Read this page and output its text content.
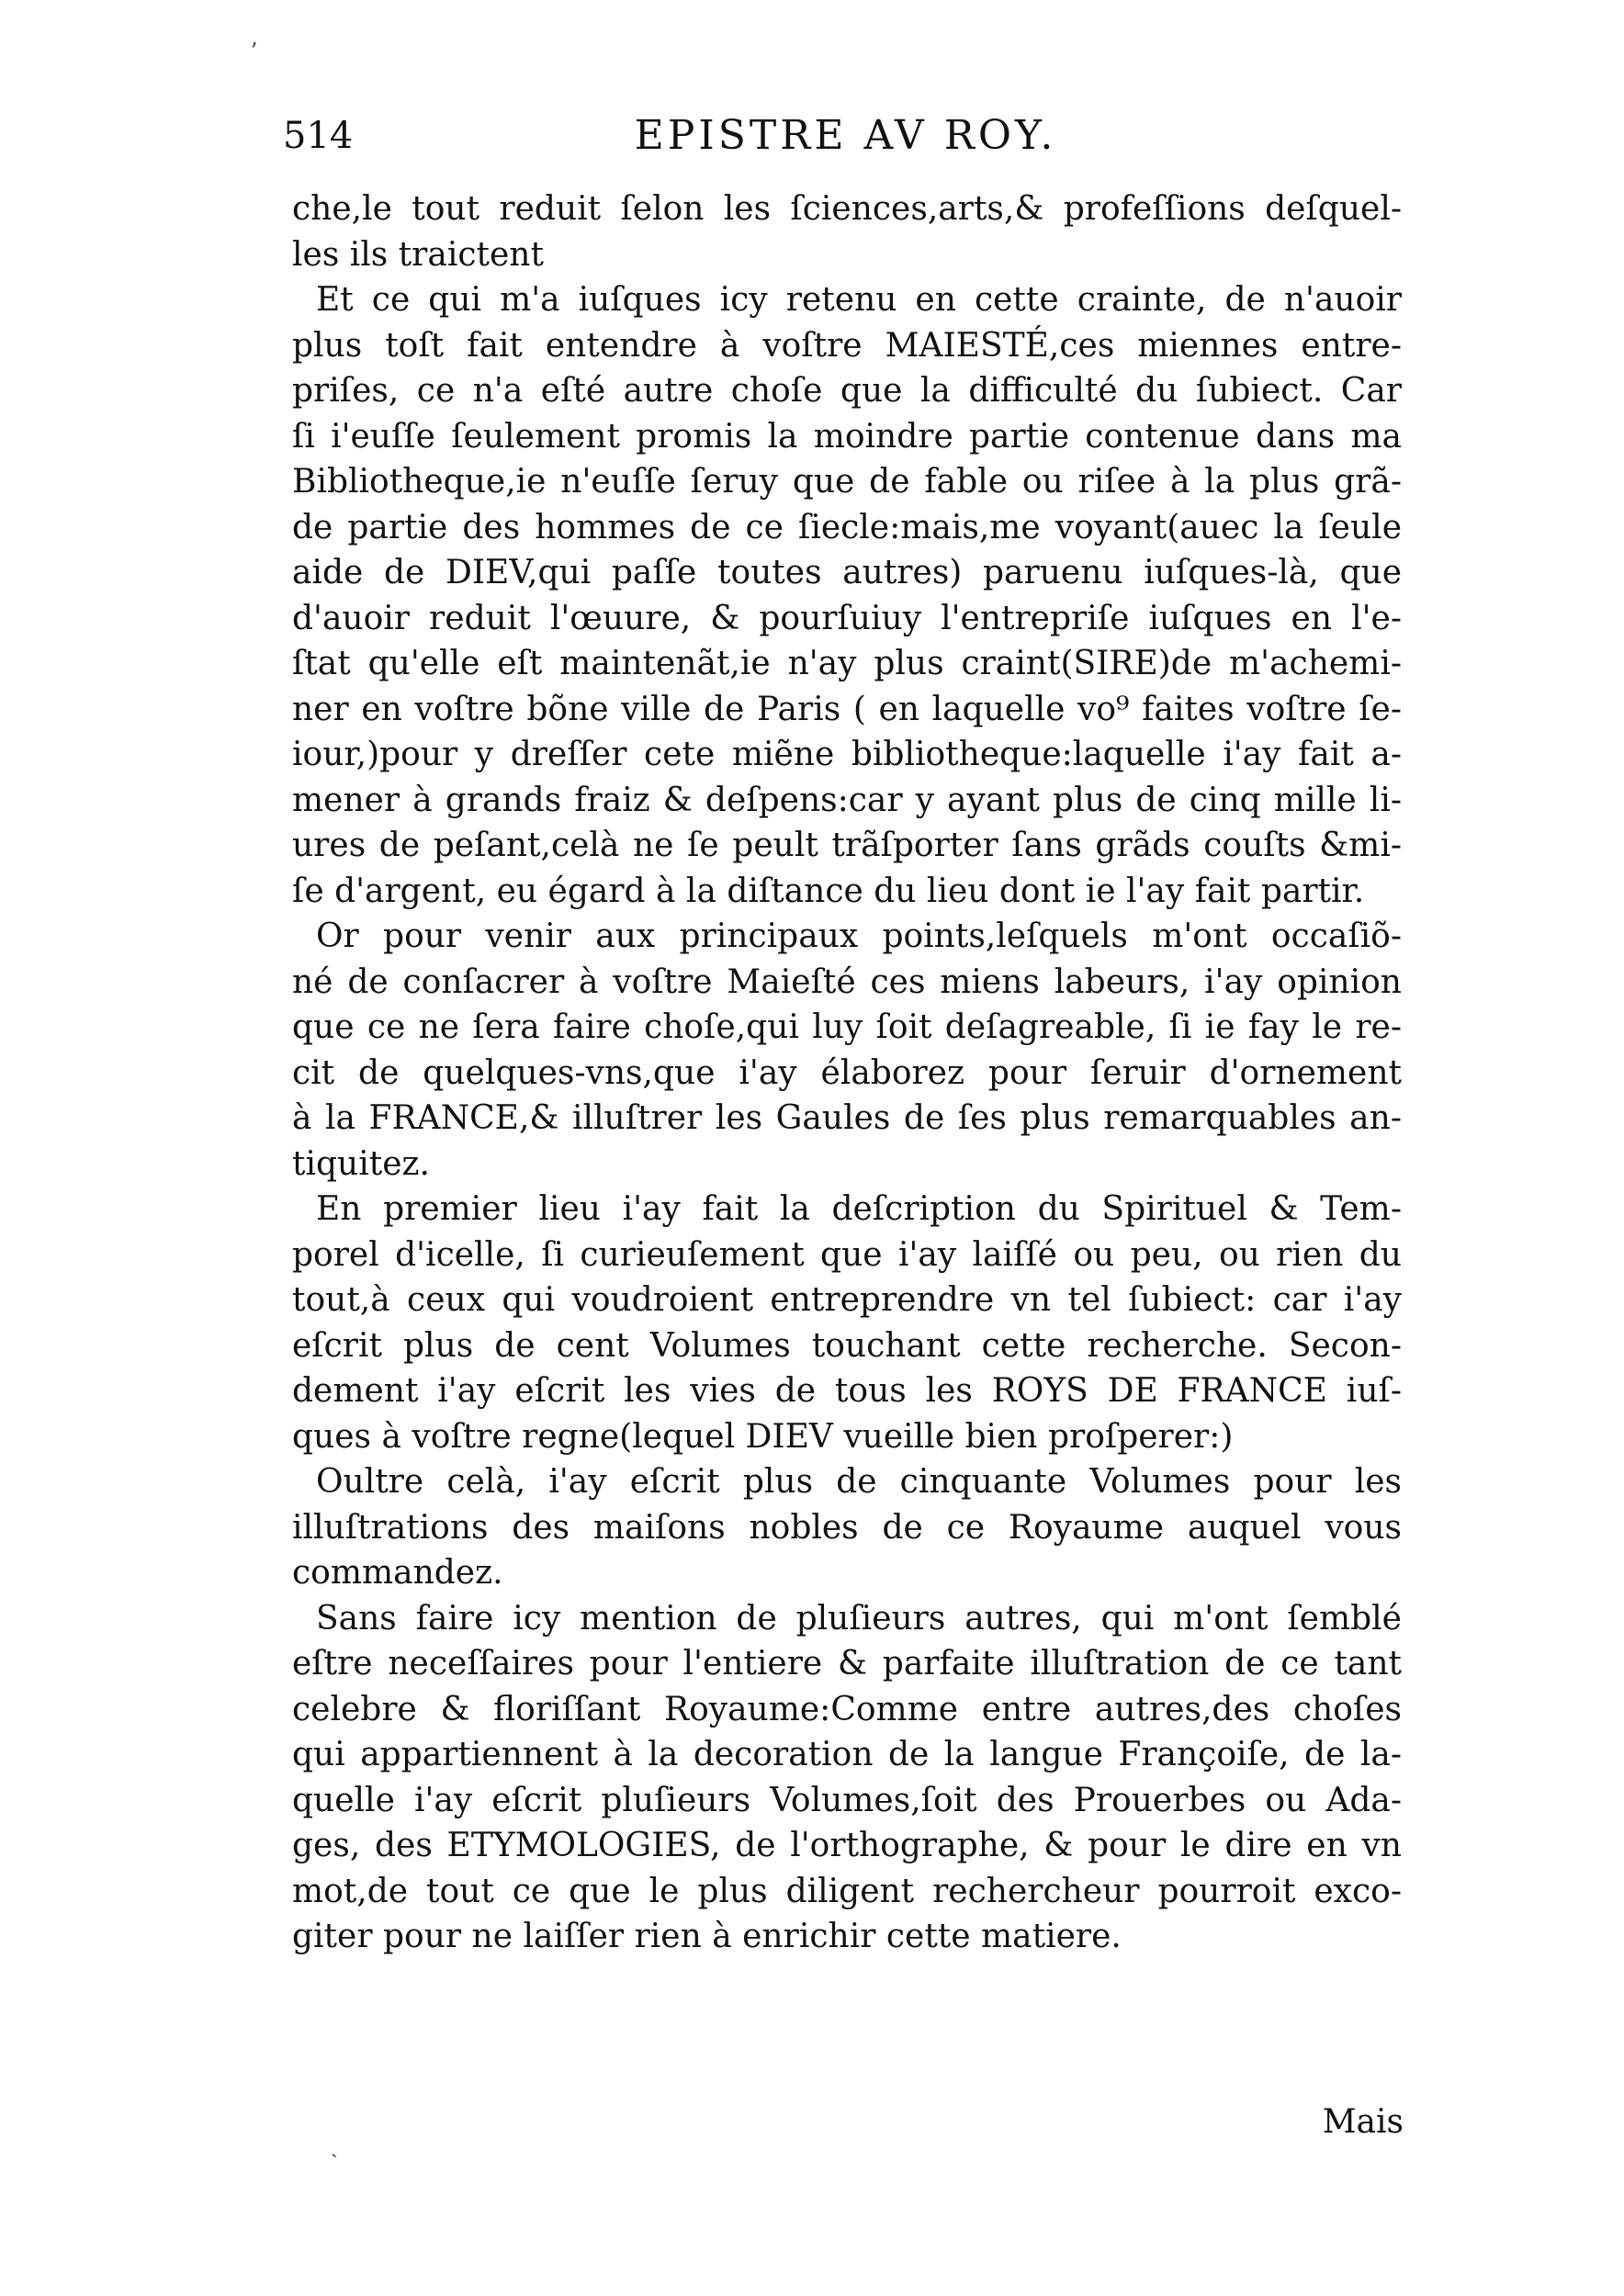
ʼ
514	EPISTRE AV ROY.
che,le tout reduit ſelon les ſciences,arts,& profeſſions deſquel-
les ils traictent
Et ce qui m'a iuſques icy retenu en cette crainte, de n'auoir
plus toſt fait entendre à voſtre MAIESTÉ,ces miennes entre-
priſes, ce n'a eſté autre choſe que la difficulté du ſubiect. Car
ſi i'euſſe ſeulement promis la moindre partie contenue dans ma
Bibliotheque,ie n'euſſe ſeruy que de fable ou riſee à la plus grã-
de partie des hommes de ce ſiecle:mais,me voyant(auec la ſeule
aide de DIEV,qui paſſe toutes autres) paruenu iuſques-là, que
d'auoir reduit l'œuure, & pourſuiuy l'entrepriſe iuſques en l'e-
ſtat qu'elle eſt maintenãt,ie n'ay plus craint(SIRE)de m'achemi-
ner en voſtre bõne ville de Paris ( en laquelle vo⁹ faites voſtre ſe-
iour,)pour y dreſſer cete miẽne bibliotheque:laquelle i'ay fait a-
mener à grands fraiz & deſpens:car y ayant plus de cinq mille li-
ures de peſant,celà ne ſe peult trãſporter ſans grãds couſts &mi-
ſe d'argent, eu égard à la diſtance du lieu dont ie l'ay fait partir.
Or pour venir aux principaux points,leſquels m'ont occaſiõ-
né de conſacrer à voſtre Maieſté ces miens labeurs, i'ay opinion
que ce ne ſera faire choſe,qui luy ſoit deſagreable, ſi ie fay le re-
cit de quelques-vns,que i'ay élaborez pour ſeruir d'ornement
à la FRANCE,& illuſtrer les Gaules de ſes plus remarquables an-
tiquitez.
En premier lieu i'ay fait la deſcription du Spirituel & Tem-
porel d'icelle, ſi curieuſement que i'ay laiſſé ou peu, ou rien du
tout,à ceux qui voudroient entreprendre vn tel ſubiect: car i'ay
eſcrit plus de cent Volumes touchant cette recherche. Secon-
dement i'ay eſcrit les vies de tous les ROYS DE FRANCE iuſ-
ques à voſtre regne(lequel DIEV vueille bien proſperer:)
Oultre celà, i'ay eſcrit plus de cinquante Volumes pour les
illuſtrations des maiſons nobles de ce Royaume auquel vous
commandez.
Sans faire icy mention de pluſieurs autres, qui m'ont ſemblé
eſtre neceſſaires pour l'entiere & parfaite illuſtration de ce tant
celebre & floriſſant Royaume:Comme entre autres,des choſes
qui appartiennent à la decoration de la langue Françoiſe, de la-
quelle i'ay eſcrit pluſieurs Volumes,ſoit des Prouerbes ou Ada-
ges, des ETYMOLOGIES, de l'orthographe, & pour le dire en vn
mot,de tout ce que le plus diligent rechercheur pourroit exco-
giter pour ne laiſſer rien à enrichir cette matiere.
Mais
ˎ
